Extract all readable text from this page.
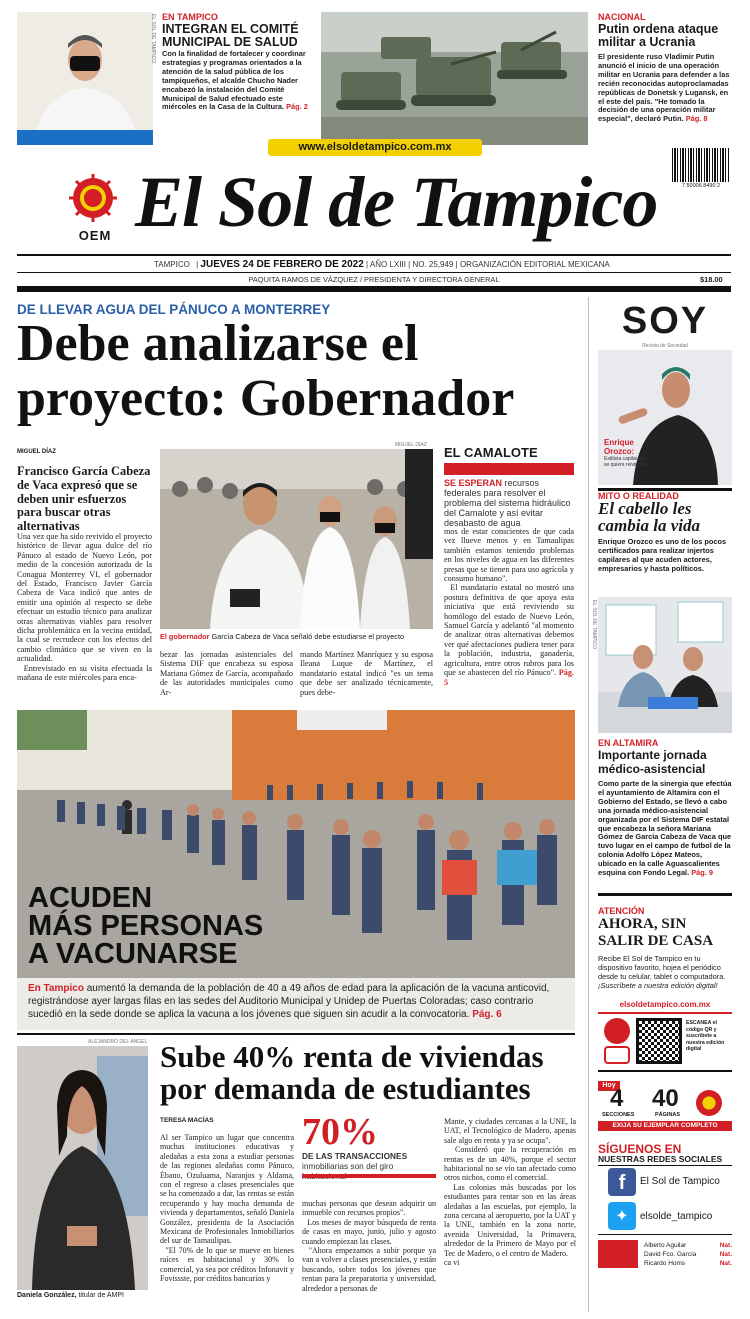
EL SOL DE TAMPICO EN TAMPICO
INTEGRAN EL COMITÉ MUNICIPAL DE SALUD
Con la finalidad de fortalecer y coordinar estrategias y programas orientados a la atención de la salud pública de los tampiqueños, el alcalde Chucho Nader encabezó la instalación del Comité Municipal de Salud efectuado este miércoles en la Casa de la Cultura. Pág. 2
NACIONAL
Putin ordena ataque militar a Ucrania
El presidente ruso Vladimir Putin anunció el inicio de una operación militar en Ucrania para defender a las recién reconocidas autoproclamadas repúblicas de Donetsk y Lugansk, en el este del país. "He tomado la decisión de una operación militar especial", declaró Putin. Pág. 8
www.elsoldetampico.com.mx
7 50006 8490 2
OEM El Sol de Tampico
TAMPICO | JUEVES 24 DE FEBRERO DE 2022 | AÑO LXIII | NO. 25,949 | ORGANIZACIÓN EDITORIAL MEXICANA
PAQUITA RAMOS DE VÁZQUEZ / PRESIDENTA Y DIRECTORA GENERAL	$18.00
DE LLEVAR AGUA DEL PÁNUCO A MONTERREY
Debe analizarse el proyecto: Gobernador
MIGUEL DÍAZ
Francisco García Cabeza de Vaca expresó que se deben unir esfuerzos para buscar otras alternativas
Una vez que ha sido revivido el proyecto histórico de llevar agua dulce del río Pánuco al estado de Nuevo León, por medio de la concesión autorizada de la Conagua Monterrey VI, el gobernador del Estado, Francisco Javier García Cabeza de Vaca indicó que antes de emitir una opinión al respecto se debe efectuar un estudio técnico para analizar otras alternativas viables para resolver dicha problemática en la vecina entidad, la cual se recrudece con los efectos del cambio climático que se viven en la actualidad.
Entrevistado en su visita efectuada la mañana de este miércoles para enca-
MIGUEL DÍAZ
El gobernador García Cabeza de Vaca señaló debe estudiarse el proyecto
bezar las jornadas asistenciales del Sistema DIF que encabeza su esposa Mariana Gómez de García, acompañado de las autoridades municipales como Ar-
mando Martínez Manríquez y su esposa Ileana Luque de Martínez, el mandatario estatal indicó "es un tema que debe ser analizado técnicamente, pues debe-
EL CAMALOTE
SE ESPERAN recursos federales para resolver el problema del sistema hidráulico del Camalote y así evitar desabasto de agua
mos de estar conscientes de que cada vez llueve menos y en Tamaulipas también estamos teniendo problemas en los niveles de agua en las diferentes presas que se tienen para uso agrícola y consumo humano".
El mandatario estatal no mostró una postura definitiva de que apoya esta iniciativa que está reviviendo su homólogo del estado de Nuevo León, Samuel García y adelantó "al momento de analizar otras alternativas debemos ver qué afectaciones pudiera tener para la población, industria, ganadería, agricultura, entre otros rubros para los que se abastecen del río Pánuco". Pág. 5
ACUDEN
MÁS PERSONAS
A VACUNARSE
En Tampico aumentó la demanda de la población de 40 a 49 años de edad para la aplicación de la vacuna anticovid, registrándose ayer largas filas en las sedes del Auditorio Municipal y Unidep de Puertas Coloradas; caso contrario sucedió en la sede donde se aplica la vacuna a los jóvenes que siguen sin acudir a la convocatoria. Pág. 6
ALEJANDRO DEL ÁNGEL
Daniela González, titular de AMPI
Sube 40% renta de viviendas por demanda de estudiantes
TERESA MACÍAS
Al ser Tampico un lugar que concentra muchas instituciones educativas y aledañas a esta zona a estudiar personas de las regiones aledañas como Pánuco, Ébano, Ozuluama, Naranjos y Aldama, con el regreso a clases presenciales que se ha comenzado a dar, las rentas se están recuperando y hay mucha demanda de vivienda y departamentos, señaló Daniela González, presidenta de la Asociación Mexicana de Profesionales Inmobiliarios del sur de Tamaulipas.
"El 70% de lo que se mueve en bienes raíces es habitacional y 30% lo comercial, ya sea por créditos Infonavit y Fovissste, por créditos bancarios y
70%
DE LAS TRANSACCIONES inmobiliarias son del giro
muchas personas que desean adquirir un inmueble con recursos propios".
Los meses de mayor búsqueda de renta de casas en mayo, junio, julio y agosto cuando empiezan las clases.
"Ahora empezamos a subir porque ya van a volver a clases presenciales, y están buscando, sobre todos los jóvenes que rentan para la preparatoria y universidad, alrededor a personas de
Mante, y ciudades cercanas a la UNE, la UAT, el Tecnológico de Madero, apenas sale algo en renta y ya se ocupa".
Consideró que la recuperación en rentas es de un 40%, porque el sector habitacional no se vio tan afectado como otros nichos, como el comercial.
Las colonias más buscadas por los estudiantes para rentar son en las áreas aledañas a las escuelas, por ejemplo, la zona cercana al aeropuerto, por la UAT y la UNE, también en la zona norte, avenida Universidad, la Primavera, alrededor de la Primero de Mayo por el Tec de Madero, o el centro de Madero.
ca vi
SOY
Revista de Sociedad
Enrique Orozco:
Estilista capilar que se quiere reivindicar
MITO O REALIDAD
El cabello les cambia la vida
Enrique Orozco es uno de los pocos certificados para realizar injertos capilares al que acuden actores, empresarios y hasta políticos.
EL SOL DE TAMPICO
EN ALTAMIRA
Importante jornada médico-asistencial
Como parte de la sinergia que efectúa el ayuntamiento de Altamira con el Gobierno del Estado, se llevó a cabo una jornada médico-asistencial organizada por el Sistema DIF estatal que encabeza la señora Mariana Gómez de García Cabeza de Vaca que tuvo lugar en el campo de futbol de la colonia Adolfo López Mateos, ubicado en la calle Aguascalientes esquina con Fondo Legal. Pág. 9
ATENCIÓN
AHORA, SIN SALIR DE CASA
Recibe El Sol de Tampico en tu dispositivo favorito, hojea el periódico desde tu celular, tablet o computadora. ¡Suscríbete a nuestra edición digital!
elsoldetampico.com.mx
ESCANEA el código QR y suscríbete a nuestra edición digital
Hoy
4
SECCIONES
40
PÁGINAS
EXIJA SU EJEMPLAR COMPLETO
SÍGUENOS EN
NUESTRAS REDES SOCIALES
f	El Sol de Tampico
✦	elsolde_tampico
Alberto Aguilar	Nat.
David Fco. García	Nat.
Ricardo Homs	Nat.
